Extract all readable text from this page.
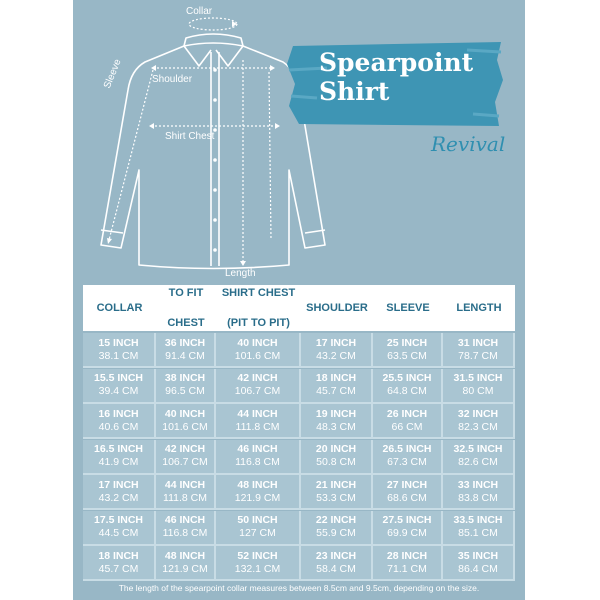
Collar
Shoulder
Sleeve
Shirt Chest
Length
Spearpoint
Shirt
Revival
COLLAR
TO FIT

CHEST
SHIRT CHEST

(PIT TO PIT)
SHOULDER SLEEVE LENGTH
15 INCH
38.1 CM
36 INCH
91.4 CM
40 INCH
101.6 CM
17 INCH
43.2 CM
25 INCH
63.5 CM
31 INCH
78.7 CM
15.5 INCH
39.4 CM
38 INCH
96.5 CM
42 INCH
106.7 CM
18 INCH
45.7 CM
25.5 INCH
64.8 CM
31.5 INCH
80 CM
16 INCH
40.6 CM
40 INCH
101.6 CM
44 INCH
111.8 CM
19 INCH
48.3 CM
26 INCH
66 CM
32 INCH
82.3 CM
16.5 INCH
41.9 CM
42 INCH
106.7 CM
46 INCH
116.8 CM
20 INCH
50.8 CM
26.5 INCH
67.3 CM
32.5 INCH
82.6 CM
17 INCH
43.2 CM
44 INCH
111.8 CM
48 INCH
121.9 CM
21 INCH
53.3 CM
27 INCH
68.6 CM
33 INCH
83.8 CM
17.5 INCH
44.5 CM
46 INCH
116.8 CM
50 INCH
127 CM
22 INCH
55.9 CM
27.5 INCH
69.9 CM
33.5 INCH
85.1 CM
18 INCH
45.7 CM
48 INCH
121.9 CM
52 INCH
132.1 CM
23 INCH
58.4 CM
28 INCH
71.1 CM
35 INCH
86.4 CM
The length of the spearpoint collar measures between 8.5cm and 9.5cm, depending on the size.
